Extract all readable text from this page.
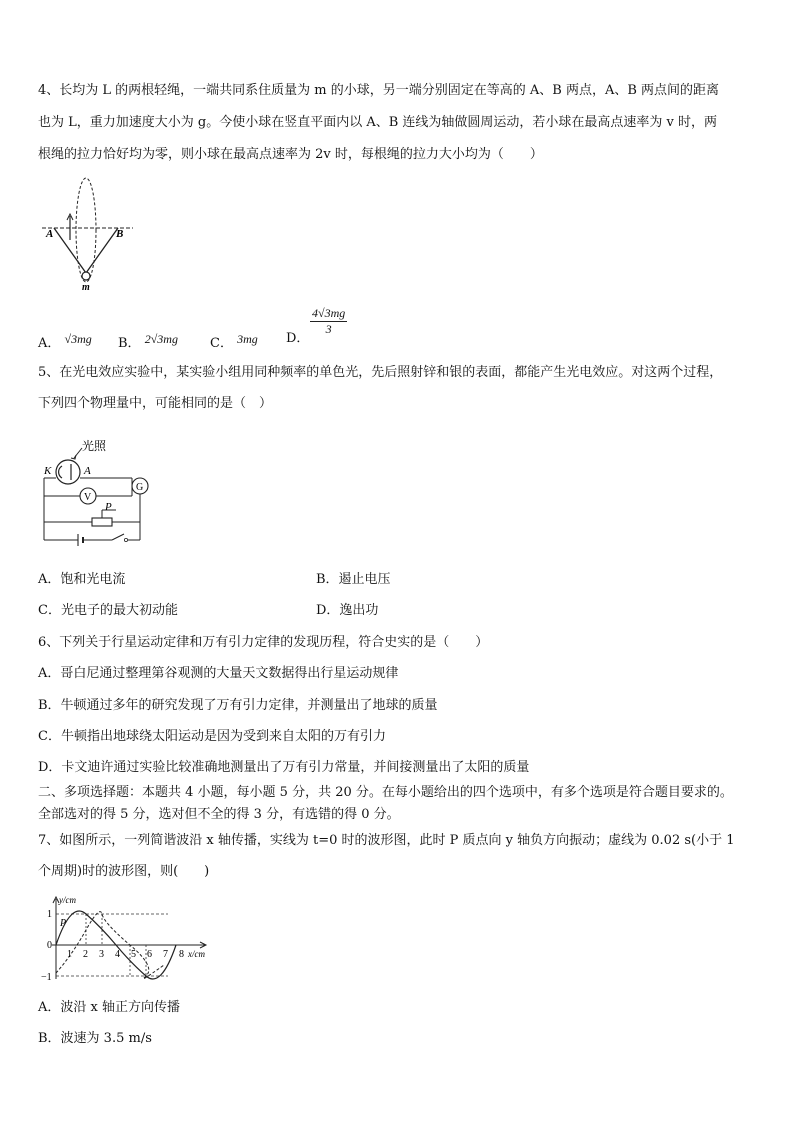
4、长均为 L 的两根轻绳，一端共同系住质量为 m 的小球，另一端分别固定在等高的 A、B 两点，A、B 两点间的距离
也为 L，重力加速度大小为 g。今使小球在竖直平面内以 A、B 连线为轴做圆周运动，若小球在最高点速率为 v 时，两
根绳的拉力恰好均为零，则小球在最高点速率为 2v 时，每根绳的拉力大小均为（　　）
A	B
m
A． √3mg B． 2√3mg C． 3mg D．
$\frac{4√3mg}{3}$
5、在光电效应实验中，某实验小组用同种频率的单色光，先后照射锌和银的表面，都能产生光电效应。对这两个过程，
下列四个物理量中，可能相同的是（　）
光照
K	A
G
V
P
A．饱和光电流	B．遏止电压
C．光电子的最大初动能	D．逸出功
6、下列关于行星运动定律和万有引力定律的发现历程，符合史实的是（　　）
A．哥白尼通过整理第谷观测的大量天文数据得出行星运动规律
B．牛顿通过多年的研究发现了万有引力定律，并测量出了地球的质量
C．牛顿指出地球绕太阳运动是因为受到来自太阳的万有引力
D．卡文迪许通过实验比较准确地测量出了万有引力常量，并间接测量出了太阳的质量
二、多项选择题：本题共 4 小题，每小题 5 分，共 20 分。在每小题给出的四个选项中，有多个选项是符合题目要求的。
全部选对的得 5 分，选对但不全的得 3 分，有选错的得 0 分。
7、如图所示，一列简谐波沿 x 轴传播，实线为 t=0 时的波形图，此时 P 质点向 y 轴负方向振动；虚线为 0.02 s(小于 1
个周期)时的波形图，则(　　)
y/cm
x/cm
1
0
−1
P
1 2 3 4 5 6 7 8
A．波沿 x 轴正方向传播
B．波速为 3.5 m/s
